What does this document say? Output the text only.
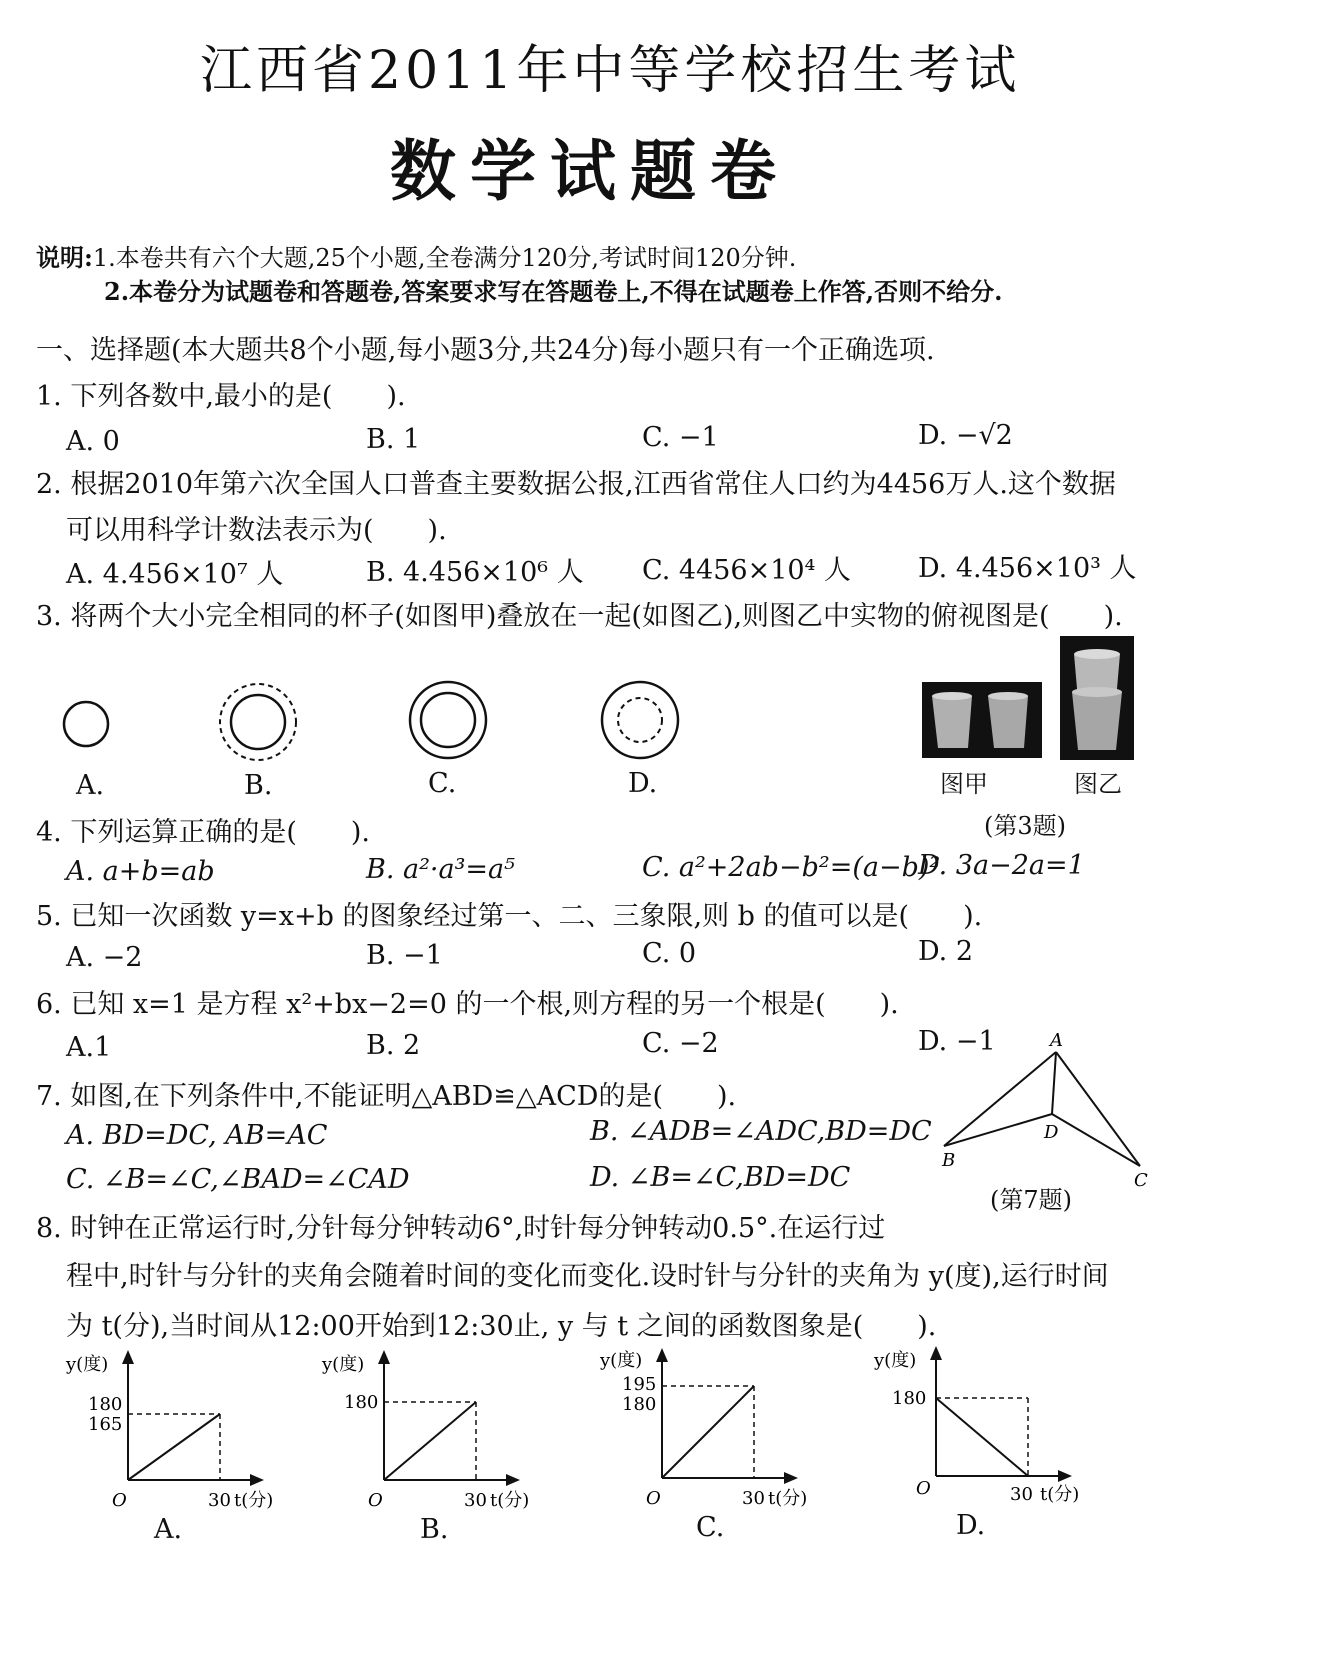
江西省2011年中等学校招生考试
数学试题卷
说明:1.本卷共有六个大题,25个小题,全卷满分120分,考试时间120分钟.
2.本卷分为试题卷和答题卷,答案要求写在答题卷上,不得在试题卷上作答,否则不给分.
一、选择题(本大题共8个小题,每小题3分,共24分)每小题只有一个正确选项.
1. 下列各数中,最小的是(　　).
A. 0	B. 1	C. −1	D. −√2
2. 根据2010年第六次全国人口普查主要数据公报,江西省常住人口约为4456万人.这个数据
可以用科学计数法表示为(　　).
A. 4.456×10⁷ 人	B. 4.456×10⁶ 人 C. 4456×10⁴ 人 D. 4.456×10³ 人
3. 将两个大小完全相同的杯子(如图甲)叠放在一起(如图乙),则图乙中实物的俯视图是(　　).
A.	B.	C.	D.	图甲	图乙
(第3题)
4. 下列运算正确的是(　　).
A. a+b=ab	B. a²·a³=a⁵	C. a²+2ab−b²=(a−b)²
D. 3a−2a=1
5. 已知一次函数 y=x+b 的图象经过第一、二、三象限,则 b 的值可以是(　　).
A. −2	B. −1	C. 0	D. 2
6. 已知 x=1 是方程 x²+bx−2=0 的一个根,则方程的另一个根是(　　).
A.1	B. 2	C. −2	D. −1
7. 如图,在下列条件中,不能证明△ABD≌△ACD的是(　　).
A. BD=DC, AB=AC	B. ∠ADB=∠ADC,BD=DC
C. ∠B=∠C,∠BAD=∠CAD	D. ∠B=∠C,BD=DC
A
B
C
D
(第7题)
8. 时钟在正常运行时,分针每分钟转动6°,时针每分钟转动0.5°.在运行过
程中,时针与分针的夹角会随着时间的变化而变化.设时针与分针的夹角为 y(度),运行时间
为 t(分),当时间从12:00开始到12:30止, y 与 t 之间的函数图象是(　　).
y(度)
180
165
O	30 t(分)
A.
y(度)
180
O	30 t(分)
B.
y(度)
195
180
O	30 t(分)
C.
y(度)
180
O	30 t(分)
D.
